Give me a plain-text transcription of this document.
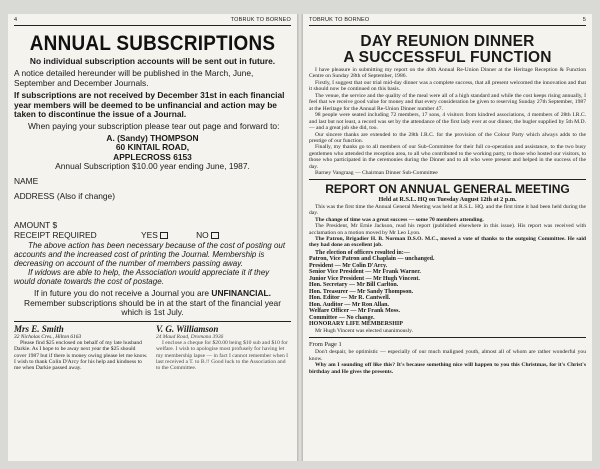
4	TOBRUK TO BORNEO
ANNUAL SUBSCRIPTIONS
No individual subscription accounts will be sent out in future.
A notice detailed hereunder will be published in the March, June, September and December Journals.
If subscriptions are not received by December 31st in each financial year members will be deemed to be unfinancial and action may be taken to discontinue the issue of a Journal.
When paying your subscription please tear out page and forward to:
A. (Sandy) THOMPSON
60 KINTAIL ROAD,
APPLECROSS 6153
Annual Subscription $10.00 year ending June, 1987.
NAME
ADDRESS (Also if change)
AMOUNT $
RECEIPT REQUIRED	YES	NO
The above action has been necessary because of the cost of posting out accounts and the increased cost of printing the Journal. Membership is decreasing on account of the number of members passing away.
If widows are able to help, the Association would appreciate it if they would donate towards the cost of postage.
If in future you do not receive a Journal you are UNFINANCIAL. Remember subscriptions should be in at the start of the financial year which is 1st July.
Mrs E. Smith
32 Nicholas Cres., Hilton 6163
Please find $25 enclosed on behalf of my late husband Darkie. As I hope to be away next year the $25 should cover 1987 but if there is money owing please let me know. I wish to thank Colin D'Arcy for his help and kindness to me when Darkie passed away.
V. G. Williamson
24 Maud Road, Dromana 3936
I enclose a cheque for $20.00 being $10 sub and $10 for welfare. I wish to apologise most profusely for having let my membership lapse — in fact I cannot remember when I last received a T. to B.!! Good luck to the Association and to the Committee.
TOBRUK TO BORNEO	5
DAY REUNION DINNER
A SUCCESSFUL FUNCTION

I have pleasure in submitting my report on the 40th Annual Re-Union Dinner at the Heritage Reception & Function Centre on Sunday 28th of September, 1986.

Firstly, I suggest that our trial mid-day dinner was a complete success, that all present welcomed the innovation and that it should now be continued on this basis.

The venue, the service and the quality of the meal were all of a high standard and while the cost keeps rising annually, I feel that we receive good value for money and that every consideration be given to reserving Sunday 27th September, 1987 at the Heritage for the Annual Re-Union Dinner number 47.

98 people were seated including 72 members, 17 sons, 4 visitors from kindred associations, 4 members of 28th I.R.C. and last but not least, a record was set by the attendance of the first lady ever at our dinner, the bugler supplied by 5th M.D. — and a great job she did, too.

Our sincere thanks are extended to the 28th I.R.C. for the provision of the Colour Party which always adds to the prestige of our function.

Finally, my thanks go to all members of our Sub-Committee for their full co-operation and assistance, to the two busy gentlemen who attended the reception area, to all who contributed to the working party, to those who hosted our visitors, to those who participated in the ceremonies during the Dinner and to all who were present and helped in the success of the day.

Barney Vangraag — Chairman Dinner Sub-Committee

REPORT ON ANNUAL GENERAL MEETING
Held at R.S.L. HQ on Tuesday August 12th at 2 p.m.

This was the first time the Annual General Meeting was held at R.S.L. HQ. and the first time it had been held during the day.

The change of time was a great success — some 70 members attending.

The President, Mr Ernie Jackson, read his report (published elsewhere in this issue). His report was received with acclamation on a motion moved by Mr Leo Lyon.

The Patron, Brigadier H. B. Norman D.S.O. M.C., moved a vote of thanks to the outgoing Committee. He said they had done an excellent job.

The election of officers resulted in:—
Patron, Vice Patron and Chaplain — unchanged.
President — Mr Colin D'Arcy.
Senior Vice President — Mr Frank Warner.
Junior Vice President — Mr Hugh Vincent.
Hon. Secretary — Mr Bill Carlton.
Hon. Treasurer — Mr Sandy Thompson.
Hon. Editor — Mr R. Cantwell.
Hon. Auditor — Mr Ron Allan.
Welfare Officer — Mr Frank Moss.
Committee — No change.
HONORARY LIFE MEMBERSHIP
Mr Hugh Vincent was elected unanimously.
From Page 1
Don't despair, be optimistic — especially of our much maligned youth, almost all of whom are rather wonderful you know.
Why am I sounding off like this? It's because something nice will happen to you this Christmas, for it's Christ's birthday and He gives the presents.
